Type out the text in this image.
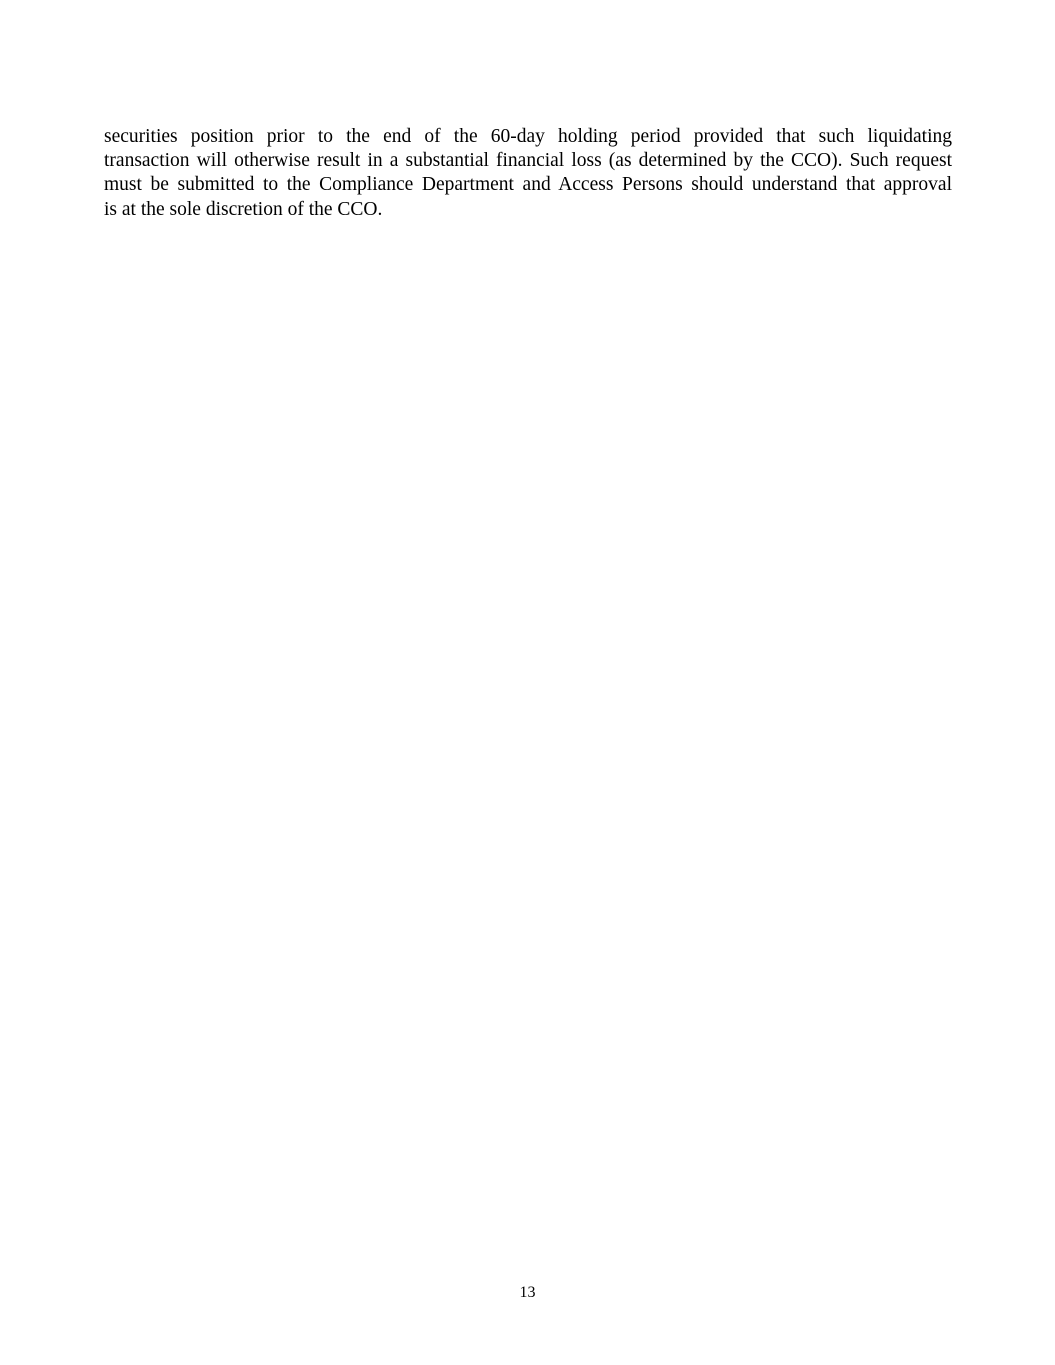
securities position prior to the end of the 60-day holding period provided that such liquidating
transaction will otherwise result in a substantial financial loss (as determined by the CCO). Such request
must be submitted to the Compliance Department and Access Persons should understand that approval
is at the sole discretion of the CCO.

13
